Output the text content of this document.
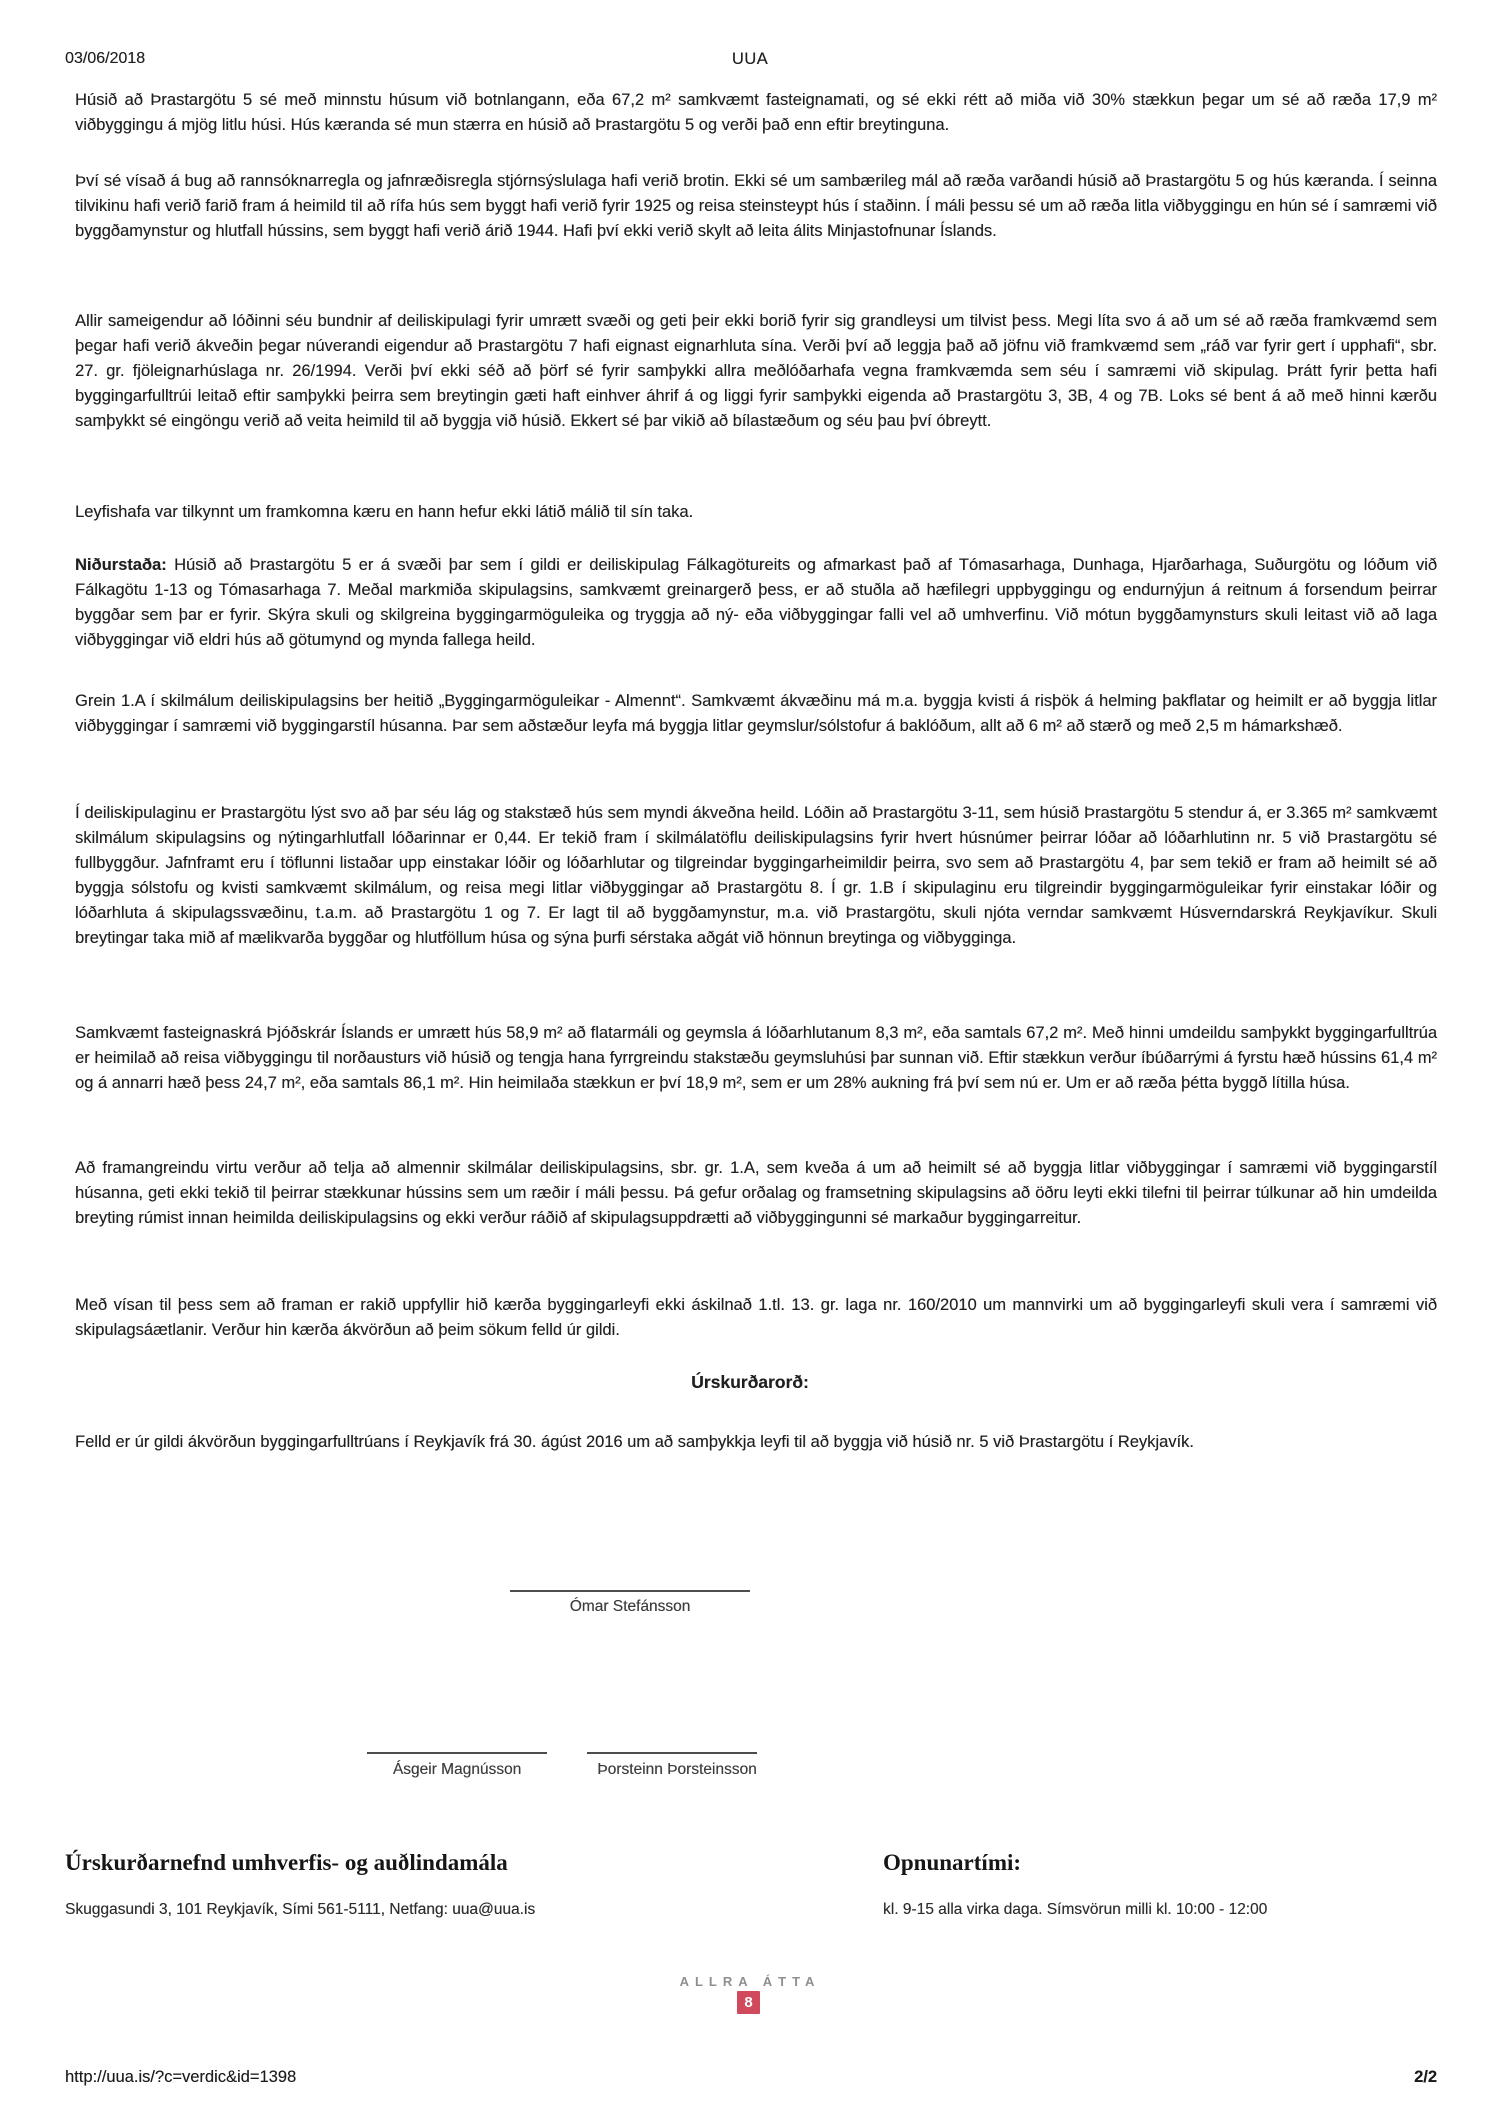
03/06/2018	UUA

Húsið að Þrastargötu 5 sé með minnstu húsum við botnlangann, eða 67,2 m² samkvæmt fasteignamati, og sé ekki rétt að miða við 30% stækkun þegar um sé að ræða 17,9 m² viðbyggingu á mjög litlu húsi. Hús kæranda sé mun stærra en húsið að Þrastargötu 5 og verði það enn eftir breytinguna.

Því sé vísað á bug að rannsóknarregla og jafnræðisregla stjórnsýslulaga hafi verið brotin. Ekki sé um sambærileg mál að ræða varðandi húsið að Þrastargötu 5 og hús kæranda. Í seinna tilvikinu hafi verið farið fram á heimild til að rífa hús sem byggt hafi verið fyrir 1925 og reisa steinsteypt hús í staðinn. Í máli þessu sé um að ræða litla viðbyggingu en hún sé í samræmi við byggðamynstur og hlutfall hússins, sem byggt hafi verið árið 1944. Hafi því ekki verið skylt að leita álits Minjastofnunar Íslands.

Allir sameigendur að lóðinni séu bundnir af deiliskipulagi fyrir umrætt svæði og geti þeir ekki borið fyrir sig grandleysi um tilvist þess. Megi líta svo á að um sé að ræða framkvæmd sem þegar hafi verið ákveðin þegar núverandi eigendur að Þrastargötu 7 hafi eignast eignarhluta sína. Verði því að leggja það að jöfnu við framkvæmd sem „ráð var fyrir gert í upphafi“, sbr. 27. gr. fjöleignarhúslaga nr. 26/1994. Verði því ekki séð að þörf sé fyrir samþykki allra meðlóðarhafa vegna framkvæmda sem séu í samræmi við skipulag. Þrátt fyrir þetta hafi byggingarfulltrúi leitað eftir samþykki þeirra sem breytingin gæti haft einhver áhrif á og liggi fyrir samþykki eigenda að Þrastargötu 3, 3B, 4 og 7B. Loks sé bent á að með hinni kærðu samþykkt sé eingöngu verið að veita heimild til að byggja við húsið. Ekkert sé þar vikið að bílastæðum og séu þau því óbreytt.

Leyfishafa var tilkynnt um framkomna kæru en hann hefur ekki látið málið til sín taka.

Niðurstaða: Húsið að Þrastargötu 5 er á svæði þar sem í gildi er deiliskipulag Fálkagötureits og afmarkast það af Tómasarhaga, Dunhaga, Hjarðarhaga, Suðurgötu og lóðum við Fálkagötu 1-13 og Tómasarhaga 7. Meðal markmiða skipulagsins, samkvæmt greinargerð þess, er að stuðla að hæfilegri uppbyggingu og endurnýjun á reitnum á forsendum þeirrar byggðar sem þar er fyrir. Skýra skuli og skilgreina byggingarmöguleika og tryggja að ný- eða viðbyggingar falli vel að umhverfinu. Við mótun byggðamynsturs skuli leitast við að laga viðbyggingar við eldri hús að götumynd og mynda fallega heild.

Grein 1.A í skilmálum deiliskipulagsins ber heitið „Byggingarmöguleikar - Almennt“. Samkvæmt ákvæðinu má m.a. byggja kvisti á risþök á helming þakflatar og heimilt er að byggja litlar viðbyggingar í samræmi við byggingarstíl húsanna. Þar sem aðstæður leyfa má byggja litlar geymslur/sólstofur á baklóðum, allt að 6 m² að stærð og með 2,5 m hámarkshæð.

Í deiliskipulaginu er Þrastargötu lýst svo að þar séu lág og stakstæð hús sem myndi ákveðna heild. Lóðin að Þrastargötu 3-11, sem húsið Þrastargötu 5 stendur á, er 3.365 m² samkvæmt skilmálum skipulagsins og nýtingarhlutfall lóðarinnar er 0,44. Er tekið fram í skilmálatöflu deiliskipulagsins fyrir hvert húsnúmer þeirrar lóðar að lóðarhlutinn nr. 5 við Þrastargötu sé fullbyggður. Jafnframt eru í töflunni listaðar upp einstakar lóðir og lóðarhlutar og tilgreindar byggingarheimildir þeirra, svo sem að Þrastargötu 4, þar sem tekið er fram að heimilt sé að byggja sólstofu og kvisti samkvæmt skilmálum, og reisa megi litlar viðbyggingar að Þrastargötu 8. Í gr. 1.B í skipulaginu eru tilgreindir byggingarmöguleikar fyrir einstakar lóðir og lóðarhluta á skipulagssvæðinu, t.a.m. að Þrastargötu 1 og 7. Er lagt til að byggðamynstur, m.a. við Þrastargötu, skuli njóta verndar samkvæmt Húsverndarskrá Reykjavíkur. Skuli breytingar taka mið af mælikvarða byggðar og hlutföllum húsa og sýna þurfi sérstaka aðgát við hönnun breytinga og viðbygginga.

Samkvæmt fasteignaskrá Þjóðskrár Íslands er umrætt hús 58,9 m² að flatarmáli og geymsla á lóðarhlutanum 8,3 m², eða samtals 67,2 m². Með hinni umdeildu samþykkt byggingarfulltrúa er heimilað að reisa viðbyggingu til norðausturs við húsið og tengja hana fyrrgreindu stakstæðu geymsluhúsi þar sunnan við. Eftir stækkun verður íbúðarrými á fyrstu hæð hússins 61,4 m² og á annarri hæð þess 24,7 m², eða samtals 86,1 m². Hin heimilaða stækkun er því 18,9 m², sem er um 28% aukning frá því sem nú er. Um er að ræða þétta byggð lítilla húsa.

Að framangreindu virtu verður að telja að almennir skilmálar deiliskipulagsins, sbr. gr. 1.A, sem kveða á um að heimilt sé að byggja litlar viðbyggingar í samræmi við byggingarstíl húsanna, geti ekki tekið til þeirrar stækkunar hússins sem um ræðir í máli þessu. Þá gefur orðalag og framsetning skipulagsins að öðru leyti ekki tilefni til þeirrar túlkunar að hin umdeilda breyting rúmist innan heimilda deiliskipulagsins og ekki verður ráðið af skipulagsuppdrætti að viðbyggingunni sé markaður byggingarreitur.

Með vísan til þess sem að framan er rakið uppfyllir hið kærða byggingarleyfi ekki áskilnað 1.tl. 13. gr. laga nr. 160/2010 um mannvirki um að byggingarleyfi skuli vera í samræmi við skipulagsáætlanir. Verður hin kærða ákvörðun að þeim sökum felld úr gildi.

Úrskurðarorð:

Felld er úr gildi ákvörðun byggingarfulltrúans í Reykjavík frá 30. ágúst 2016 um að samþykkja leyfi til að byggja við húsið nr. 5 við Þrastargötu í Reykjavík.

Ómar Stefánsson
Ásgeir Magnússon	Þorsteinn Þorsteinsson
Úrskurðarnefnd umhverfis- og auðlindamála	Opnunartími:
Skuggasundi 3, 101 Reykjavík, Sími 561-5111, Netfang: uua@uua.is	kl. 9-15 alla virka daga. Símsvörun milli kl. 10:00 - 12:00
ALLRA ÁTTA
8
http://uua.is/?c=verdic&id=1398	2/2
